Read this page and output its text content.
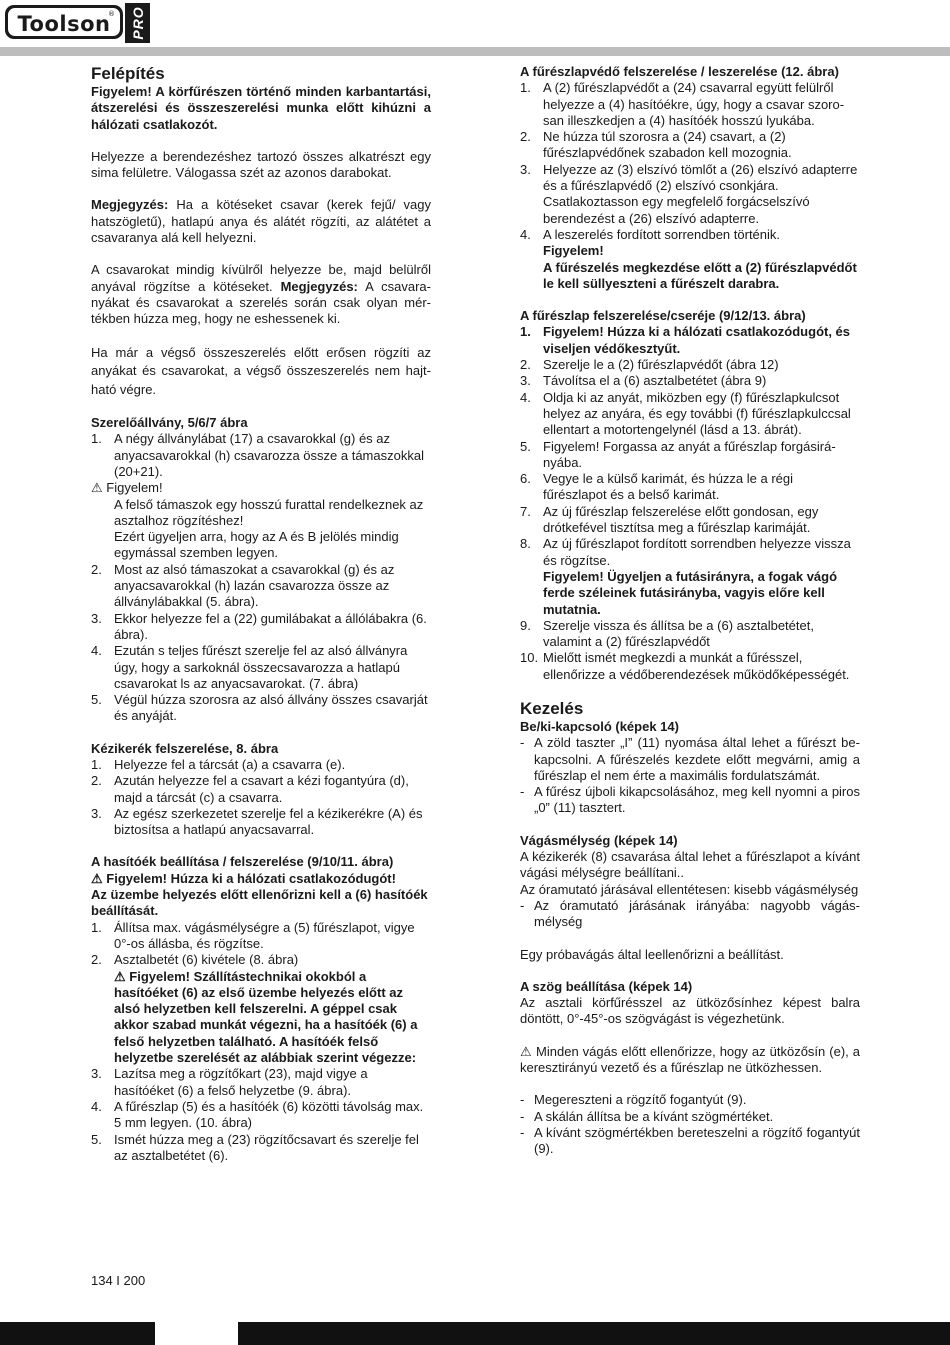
Toolson
® PRO

Felépítés

Figyelem! A körfűrészen történő minden karbantartási, átszerelési és összeszerelési munka előtt kihúzni a hálózati csatlakozót.

Helyezze a berendezéshez tartozó összes alkatrészt egy sima felületre. Válogassa szét az azonos darabokat.

Megjegyzés: Ha a kötéseket csavar (kerek fejű/ vagy hatszögletű), hatlapú anya és alátét rögzíti, az alátétet a csavaranya alá kell helyezni.

A csavarokat mindig kívülről helyezze be, majd belülről anyával rögzítse a kötéseket. Megjegyzés: A csavaranyákat és csavarokat a szerelés során csak olyan mértékben húzza meg, hogy ne eshessenek ki.

Ha már a végső összeszerelés előtt erősen rögzíti az anyákat és csavarokat, a végső összeszerelés nem hajtható végre.

Szerelőállvány, 5/6/7 ábra

1. A négy állványlábat (17) a csavarokkal (g) és az anyacsavarokkal (h) csavarozza össze a támaszokkal (20+21).

⚠ Figyelem!

A felső támaszok egy hosszú furattal rendelkeznek az asztalhoz rögzítéshez!

Ezért ügyeljen arra, hogy az A és B jelölés mindig egymással szemben legyen.

2. Most az alsó támaszokat a csavarokkal (g) és az anyacsavarokkal (h) lazán csavarozza össze az állványlábakkal (5. ábra).
3. Ekkor helyezze fel a (22) gumilábakat a állólábakra (6. ábra).
4. Ezután s teljes fűrészt szerelje fel az alsó állványra úgy, hogy a sarkoknál összecsavarozza a hatlapú csavarokat ls az anyacsavarokat. (7. ábra)
5. Végül húzza szorosra az alsó állvány összes csavarját és anyáját.

Kézikerék felszerelése, 8. ábra

1. Helyezze fel a tárcsát (a) a csavarra (e).
2. Azután helyezze fel a csavart a kézi fogantyúra (d), majd a tárcsát (c) a csavarra.
3. Az egész szerkezetet szerelje fel a kézikerékre (A) és biztosítsa a hatlapú anyacsavarral.

A hasítóék beállítása / felszerelése (9/10/11. ábra)

⚠ Figyelem! Húzza ki a hálózati csatlakozódugót!

Az üzembe helyezés előtt ellenőrizni kell a (6) hasítóék beállítását.

1. Állítsa max. vágásmélységre a (5) fűrészlapot, vigye 0°-os állásba, és rögzítse.
2. Asztalbetét (6) kivétele (8. ábra)

⚠ Figyelem! Szállítástechnikai okokból a hasítóéket (6) az első üzembe helyezés előtt az alsó helyzetben kell felszerelni. A géppel csak akkor szabad munkát végezni, ha a hasítóék (6) a felső helyzetben található. A hasítóék felső helyzetbe szerelését az alábbiak szerint végezze:

3. Lazítsa meg a rögzítőkart (23), majd vigye a hasítóéket (6) a felső helyzetbe (9. ábra).
4. A fűrészlap (5) és a hasítóék (6) közötti távolság max. 5 mm legyen. (10. ábra)
5. Ismét húzza meg a (23) rögzítőcsavart és szerelje fel az asztalbetétet (6).

A fűrészlapvédő felszerelése / leszerelése (12. ábra)

1. A (2) fűrészlapvédőt a (24) csavarral együtt felülről helyezze a (4) hasítóékre, úgy, hogy a csavar szorosan illeszkedjen a (4) hasítóék hosszú lyukába.
2. Ne húzza túl szorosra a (24) csavart, a (2) fűrészlapvédőnek szabadon kell mozognia.
3. Helyezze az (3) elszívó tömlőt a (26) elszívó adapterre és a fűrészlapvédő (2) elszívó csonkjára. Csatlakoztasson egy megfelelő forgácselszívó berendezést a (26) elszívó adapterre.
4. A leszerelés fordított sorrendben történik.

Figyelem!

A fűrészelés megkezdése előtt a (2) fűrészlapvédőt le kell süllyeszteni a fűrészelt darabra.

A fűrészlap felszerelése/cseréje (9/12/13. ábra)

1. Figyelem! Húzza ki a hálózati csatlakozódugót, és viseljen védőkesztyűt.
2. Szerelje le a (2) fűrészlapvédőt (ábra 12)
3. Távolítsa el a (6) asztalbetétet (ábra 9)
4. Oldja ki az anyát, miközben egy (f) fűrészlapkulcsot helyez az anyára, és egy további (f) fűrészlapkulccsal ellentart a motortengelynél (lásd a 13. ábrát).
5. Figyelem! Forgassa az anyát a fűrészlap forgásirányába.
6. Vegye le a külső karimát, és húzza le a régi fűrészlapot és a belső karimát.
7. Az új fűrészlap felszerelése előtt gondosan, egy drótkefével tisztítsa meg a fűrészlap karimáját.
8. Az új fűrészlapot fordított sorrendben helyezze vissza és rögzítse.

Figyelem! Ügyeljen a futásirányra, a fogak vágó ferde széleinek futásirányba, vagyis előre kell mutatnia.

9. Szerelje vissza és állítsa be a (6) asztalbetétet, valamint a (2) fűrészlapvédőt
10. Mielőtt ismét megkezdi a munkát a fűrésszel, ellenőrizze a védőberendezések működőképességét.

Kezelés

Be/ki-kapcsoló (képek 14)

- A zöld taszter „I” (11) nyomása által lehet a fűrészt bekapcsolni. A fűrészelés kezdete előtt megvárni, amig a fűrészlap el nem érte a maximális fordulatszámát.
- A fűrész újboli kikapcsolásához, meg kell nyomni a piros „0” (11) tasztert.

Vágásmélység (képek 14)

A kézikerék (8) csavarása által lehet a fűrészlapot a kívánt vágási mélységre beállítani..

Az óramutató járásával ellentétesen: kisebb vágásmélység

- Az óramutató járásának irányába: nagyobb vágásmélység

Egy próbavágás által leellenőrizni a beállítást.

A szög beállítása (képek 14)

Az asztali körfűrésszel az ütközősínhez képest balra döntött, 0°-45°-os szögvágást is végezhetünk.

⚠ Minden vágás előtt ellenőrizze, hogy az ütközősín (e), a keresztirányú vezető és a fűrészlap ne ütközhessen.

- Megereszteni a rögzítő fogantyút (9).
- A skálán állítsa be a kívánt szögmértéket.
- A kívánt szögmértékben bereteszelni a rögzítő fogantyút (9).
134 I 200
